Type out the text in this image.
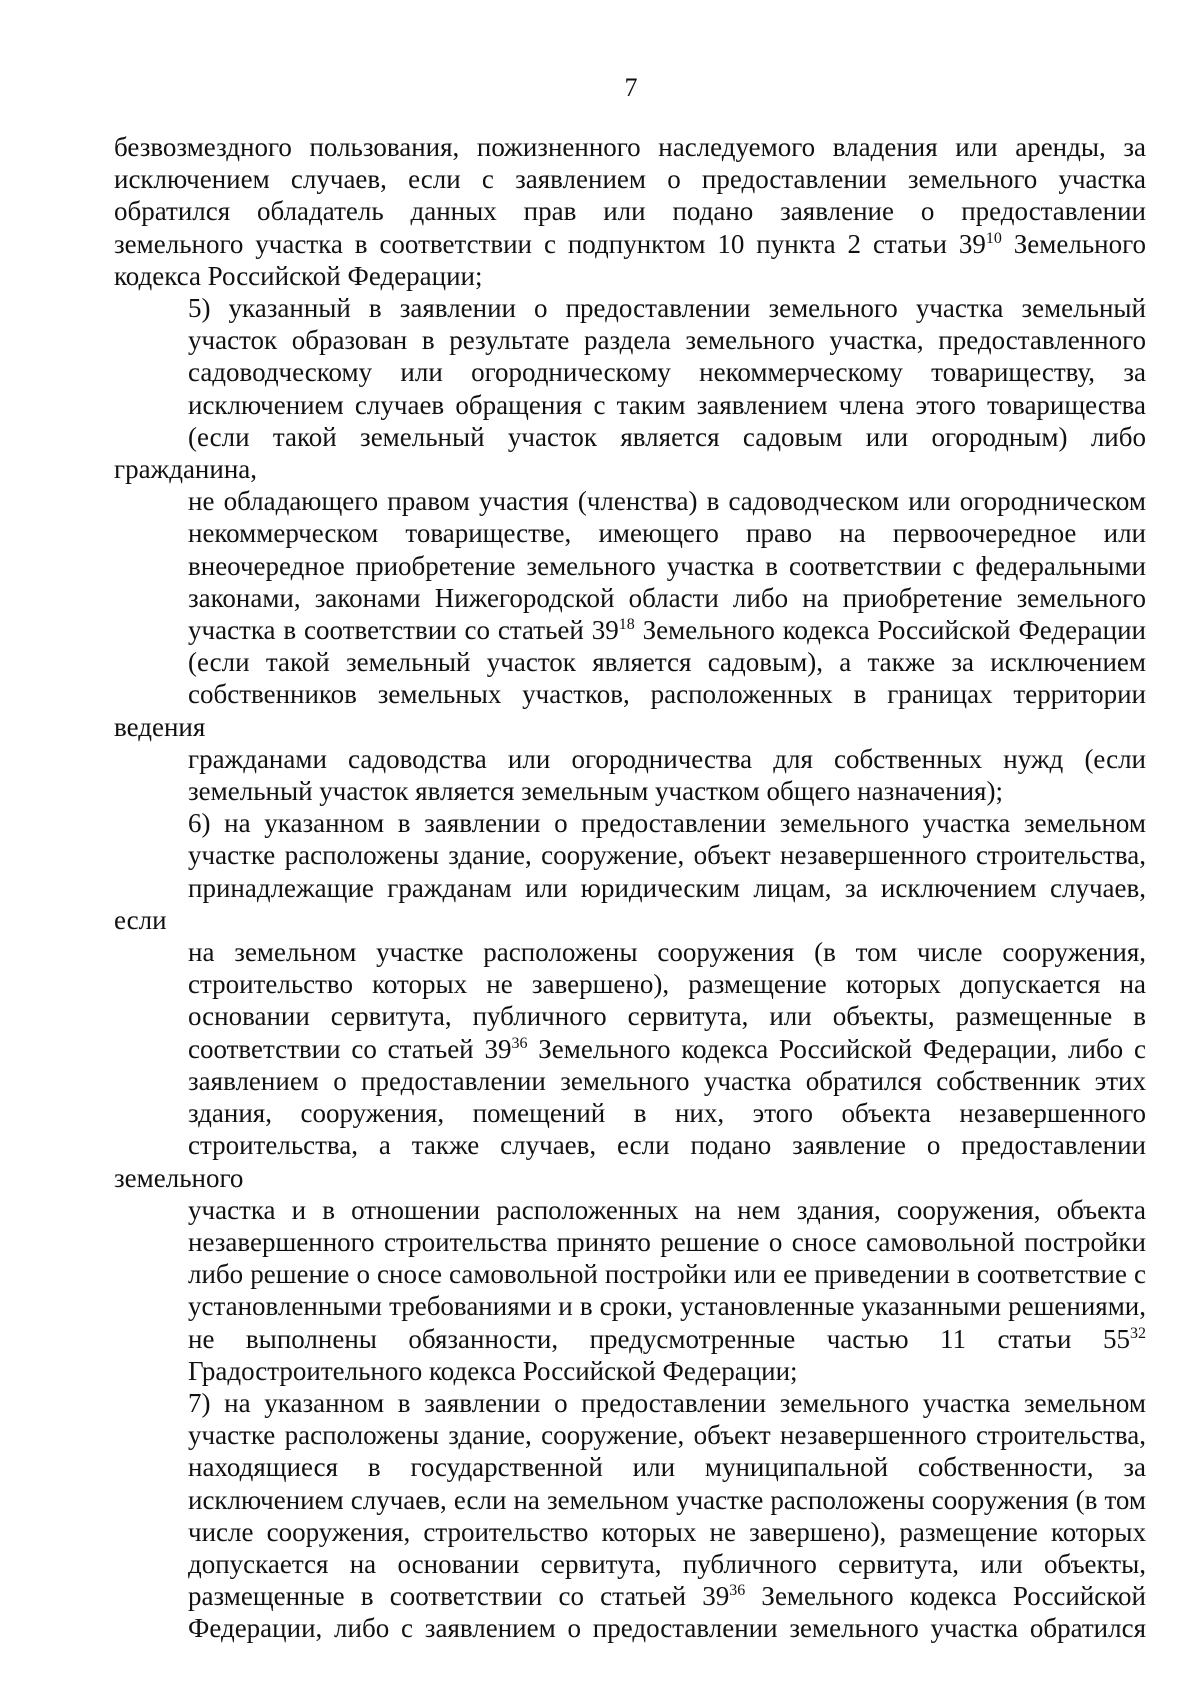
7
безвозмездного пользования, пожизненного наследуемого владения или аренды, за
исключением случаев, если с заявлением о предоставлении земельного участка
обратился обладатель данных прав или подано заявление о предоставлении
земельного участка в соответствии с подпунктом 10 пункта 2 статьи $39^{10}$ Земельного
кодекса Российской Федерации;
5) указанный в заявлении о предоставлении земельного участка земельный
участок образован в результате раздела земельного участка, предоставленного
садоводческому или огородническому некоммерческому товариществу, за
исключением случаев обращения с таким заявлением члена этого товарищества
(если такой земельный участок является садовым или огородным) либо гражданина,
не обладающего правом участия (членства) в садоводческом или огородническом
некоммерческом товариществе, имеющего право на первоочередное или
внеочередное приобретение земельного участка в соответствии с федеральными
законами, законами Нижегородской области либо на приобретение земельного
участка в соответствии со статьей $39^{18}$ Земельного кодекса Российской Федерации
(если такой земельный участок является садовым), а также за исключением
собственников земельных участков, расположенных в границах территории ведения
гражданами садоводства или огородничества для собственных нужд (если
земельный участок является земельным участком общего назначения);
6) на указанном в заявлении о предоставлении земельного участка земельном
участке расположены здание, сооружение, объект незавершенного строительства,
принадлежащие гражданам или юридическим лицам, за исключением случаев, если
на земельном участке расположены сооружения (в том числе сооружения,
строительство которых не завершено), размещение которых допускается на
основании сервитута, публичного сервитута, или объекты, размещенные в
соответствии со статьей $39^{36}$ Земельного кодекса Российской Федерации, либо с
заявлением о предоставлении земельного участка обратился собственник этих
здания, сооружения, помещений в них, этого объекта незавершенного
строительства, а также случаев, если подано заявление о предоставлении земельного
участка и в отношении расположенных на нем здания, сооружения, объекта
незавершенного строительства принято решение о сносе самовольной постройки
либо решение о сносе самовольной постройки или ее приведении в соответствие с
установленными требованиями и в сроки, установленные указанными решениями,
не выполнены обязанности, предусмотренные частью 11 статьи $55^{32}$
Градостроительного кодекса Российской Федерации;
7) на указанном в заявлении о предоставлении земельного участка земельном
участке расположены здание, сооружение, объект незавершенного строительства,
находящиеся в государственной или муниципальной собственности, за
исключением случаев, если на земельном участке расположены сооружения (в том
числе сооружения, строительство которых не завершено), размещение которых
допускается на основании сервитута, публичного сервитута, или объекты,
размещенные в соответствии со статьей $39^{36}$ Земельного кодекса Российской
Федерации, либо с заявлением о предоставлении земельного участка обратился
